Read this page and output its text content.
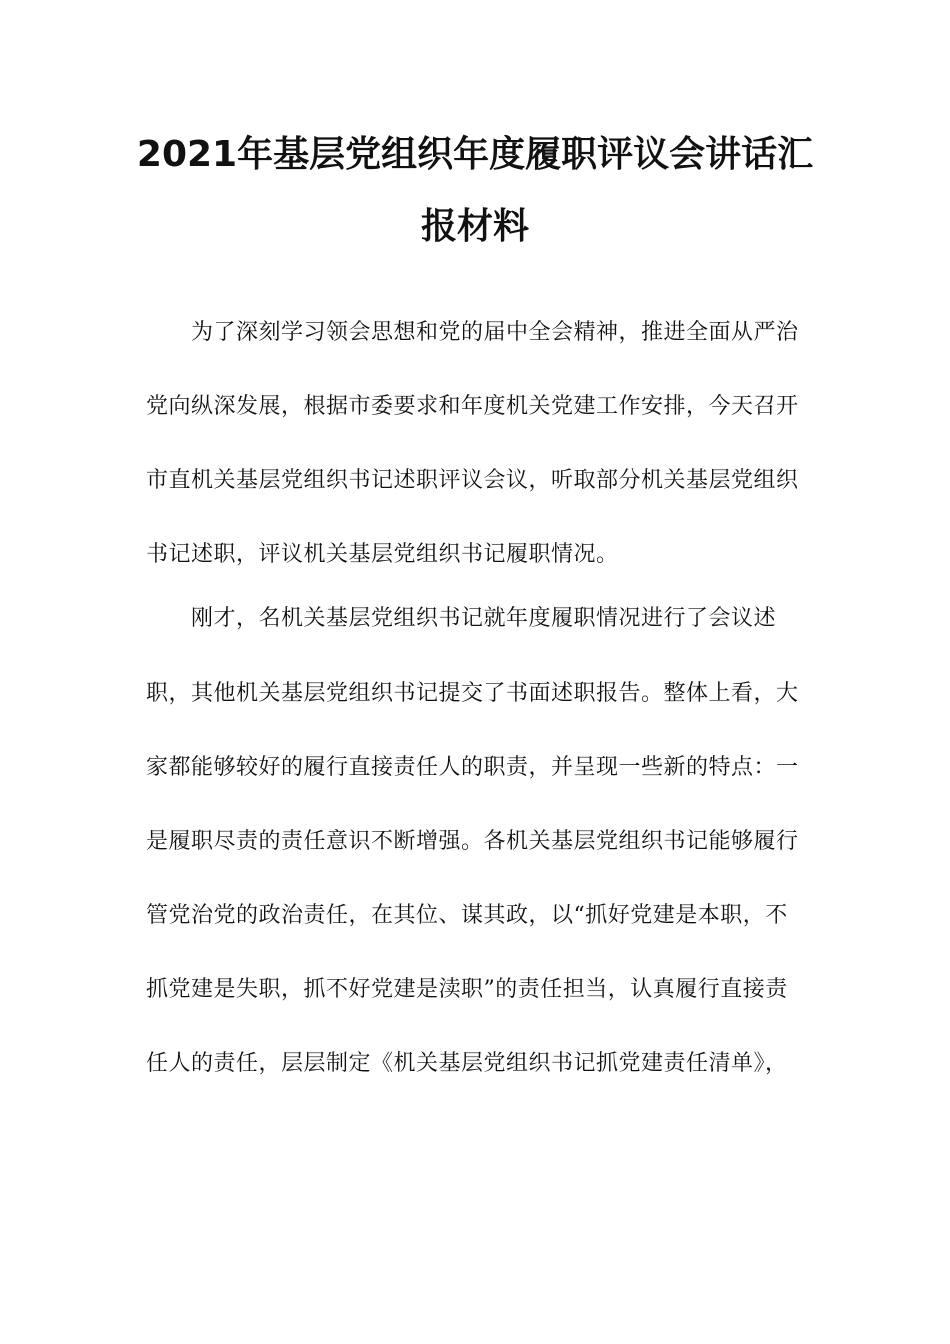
2021年基层党组织年度履职评议会讲话汇
报材料
为了深刻学习领会思想和党的届中全会精神，推进全面从严治
党向纵深发展，根据市委要求和年度机关党建工作安排，今天召开
市直机关基层党组织书记述职评议会议，听取部分机关基层党组织
书记述职，评议机关基层党组织书记履职情况。
刚才，名机关基层党组织书记就年度履职情况进行了会议述
职，其他机关基层党组织书记提交了书面述职报告。整体上看，大
家都能够较好的履行直接责任人的职责，并呈现一些新的特点：一
是履职尽责的责任意识不断增强。各机关基层党组织书记能够履行
管党治党的政治责任，在其位、谋其政，以“抓好党建是本职，不
抓党建是失职，抓不好党建是渎职”的责任担当，认真履行直接责
任人的责任，层层制定《机关基层党组织书记抓党建责任清单》，
